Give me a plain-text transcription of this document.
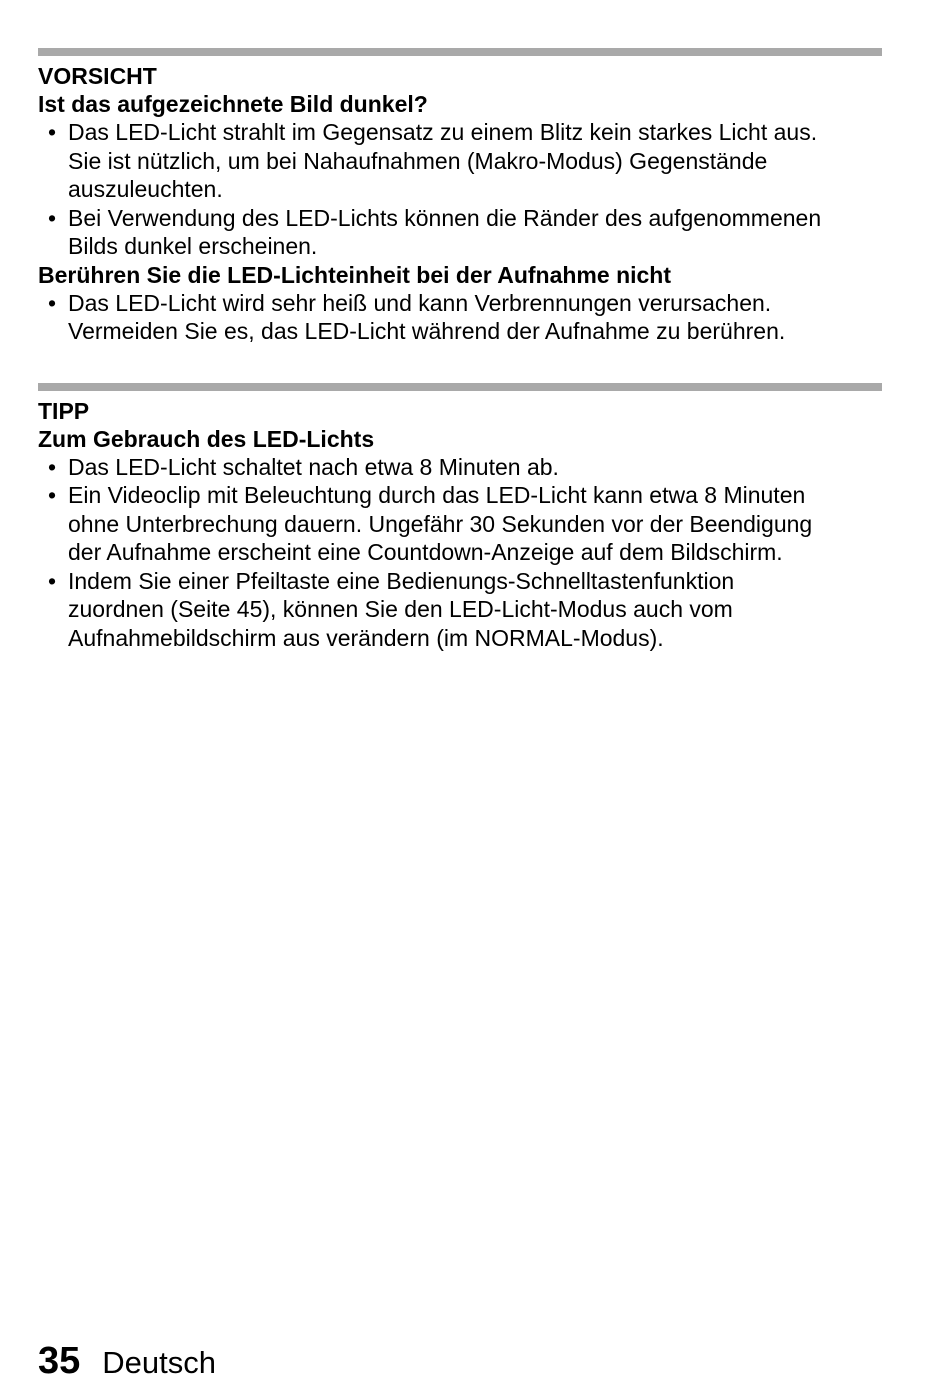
VORSICHT

Ist das aufgezeichnete Bild dunkel?

• Das LED-Licht strahlt im Gegensatz zu einem Blitz kein starkes Licht aus.
Sie ist nützlich, um bei Nahaufnahmen (Makro-Modus) Gegenstände
auszuleuchten.
• Bei Verwendung des LED-Lichts können die Ränder des aufgenommenen
Bilds dunkel erscheinen.

Berühren Sie die LED-Lichteinheit bei der Aufnahme nicht

• Das LED-Licht wird sehr heiß und kann Verbrennungen verursachen.
Vermeiden Sie es, das LED-Licht während der Aufnahme zu berühren.

TIPP

Zum Gebrauch des LED-Lichts

• Das LED-Licht schaltet nach etwa 8 Minuten ab.
• Ein Videoclip mit Beleuchtung durch das LED-Licht kann etwa 8 Minuten
ohne Unterbrechung dauern. Ungefähr 30 Sekunden vor der Beendigung
der Aufnahme erscheint eine Countdown-Anzeige auf dem Bildschirm.
• Indem Sie einer Pfeiltaste eine Bedienungs-Schnelltastenfunktion
zuordnen (Seite 45), können Sie den LED-Licht-Modus auch vom
Aufnahmebildschirm aus verändern (im NORMAL-Modus).
35 Deutsch
